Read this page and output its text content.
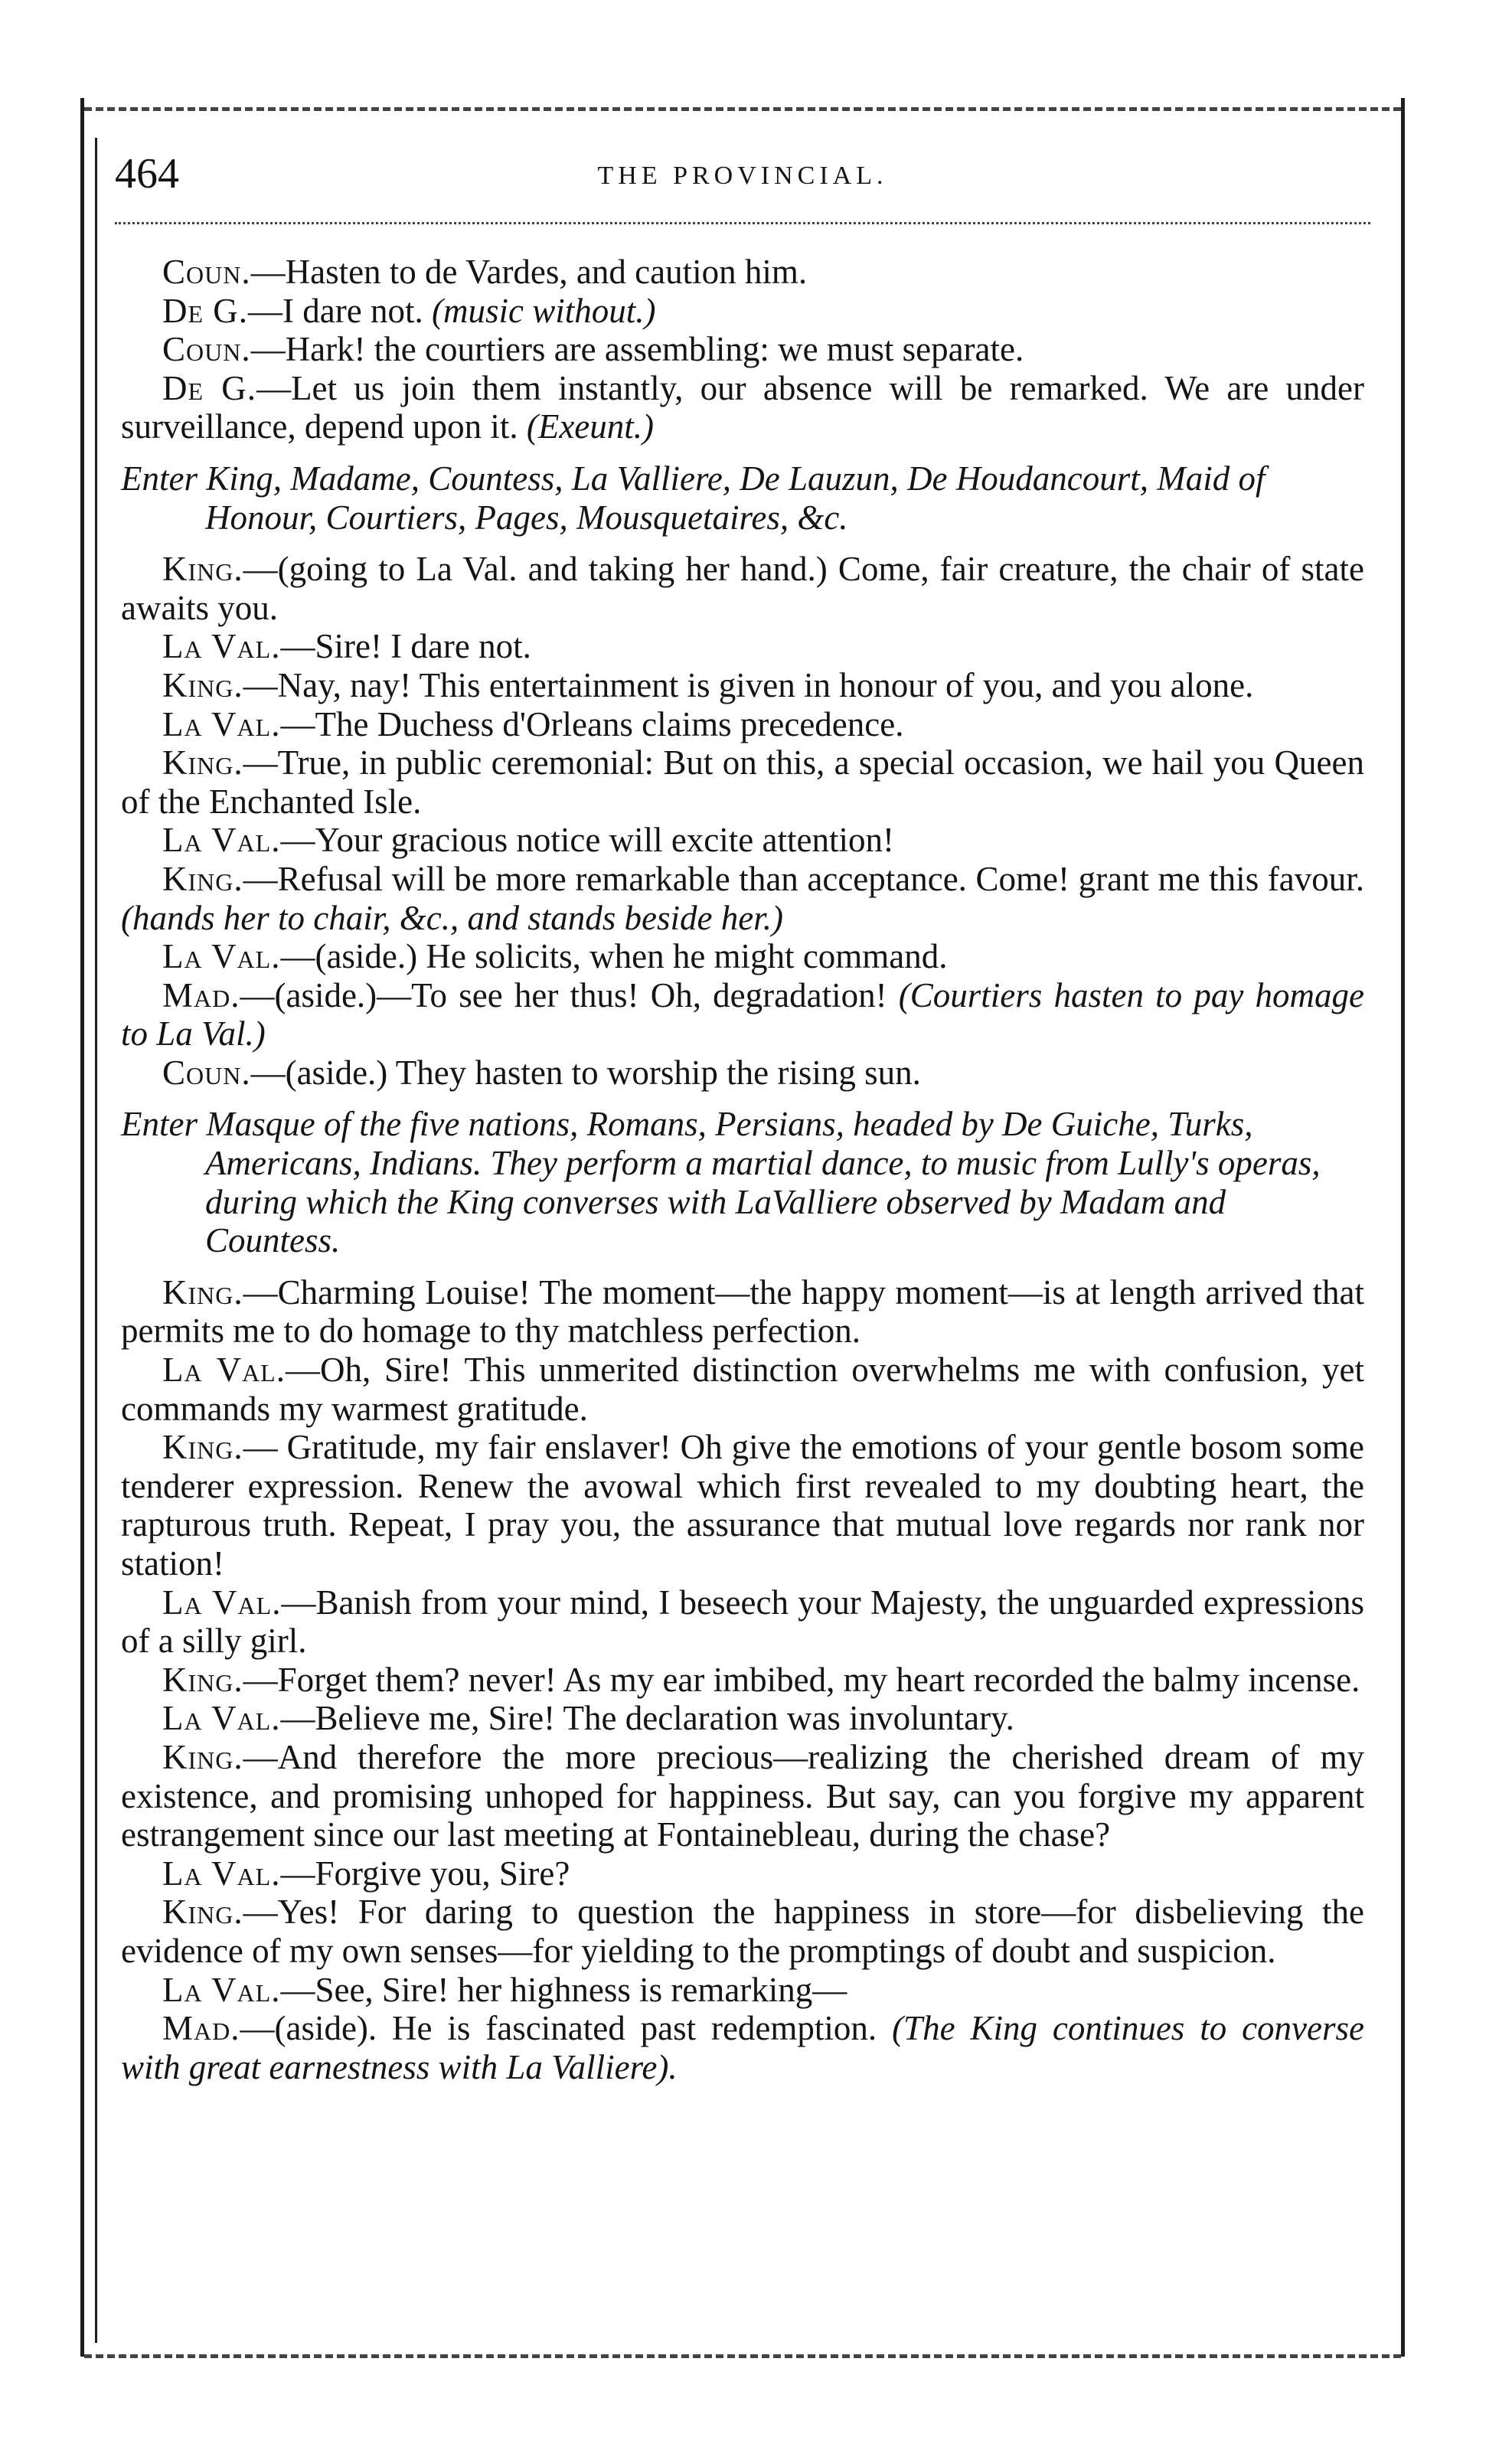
464	THE PROVINCIAL.

Coun.—Hasten to de Vardes, and caution him.

De G.—I dare not. (music without.)

Coun.—Hark! the courtiers are assembling: we must separate.

De G.—Let us join them instantly, our absence will be remarked. We are under surveillance, depend upon it. (Exeunt.)

Enter King, Madame, Countess, La Valliere, De Lauzun, De Houdancourt, Maid of Honour, Courtiers, Pages, Mousquetaires, &c.

King.—(going to La Val. and taking her hand.) Come, fair creature, the chair of state awaits you.

La Val.—Sire! I dare not.

King.—Nay, nay! This entertainment is given in honour of you, and you alone.

La Val.—The Duchess d'Orleans claims precedence.

King.—True, in public ceremonial: But on this, a special occasion, we hail you Queen of the Enchanted Isle.

La Val.—Your gracious notice will excite attention!

King.—Refusal will be more remarkable than acceptance. Come! grant me this favour. (hands her to chair, &c., and stands beside her.)

La Val.—(aside.) He solicits, when he might command.

Mad.—(aside.)—To see her thus! Oh, degradation! (Courtiers hasten to pay homage to La Val.)

Coun.—(aside.) They hasten to worship the rising sun.

Enter Masque of the five nations, Romans, Persians, headed by De Guiche, Turks, Americans, Indians. They perform a martial dance, to music from Lully's operas, during which the King converses with LaValliere observed by Madam and Countess.

King.—Charming Louise! The moment—the happy moment—is at length arrived that permits me to do homage to thy matchless perfection.

La Val.—Oh, Sire! This unmerited distinction overwhelms me with confusion, yet commands my warmest gratitude.

King.— Gratitude, my fair enslaver! Oh give the emotions of your gentle bosom some tenderer expression. Renew the avowal which first revealed to my doubting heart, the rapturous truth. Repeat, I pray you, the assurance that mutual love regards nor rank nor station!

La Val.—Banish from your mind, I beseech your Majesty, the unguarded expressions of a silly girl.

King.—Forget them? never! As my ear imbibed, my heart recorded the balmy incense.

La Val.—Believe me, Sire! The declaration was involuntary.

King.—And therefore the more precious—realizing the cherished dream of my existence, and promising unhoped for happiness. But say, can you forgive my apparent estrangement since our last meeting at Fontainebleau, during the chase?

La Val.—Forgive you, Sire?

King.—Yes! For daring to question the happiness in store—for disbelieving the evidence of my own senses—for yielding to the promptings of doubt and suspicion.

La Val.—See, Sire! her highness is remarking—

Mad.—(aside). He is fascinated past redemption. (The King continues to converse with great earnestness with La Valliere).
